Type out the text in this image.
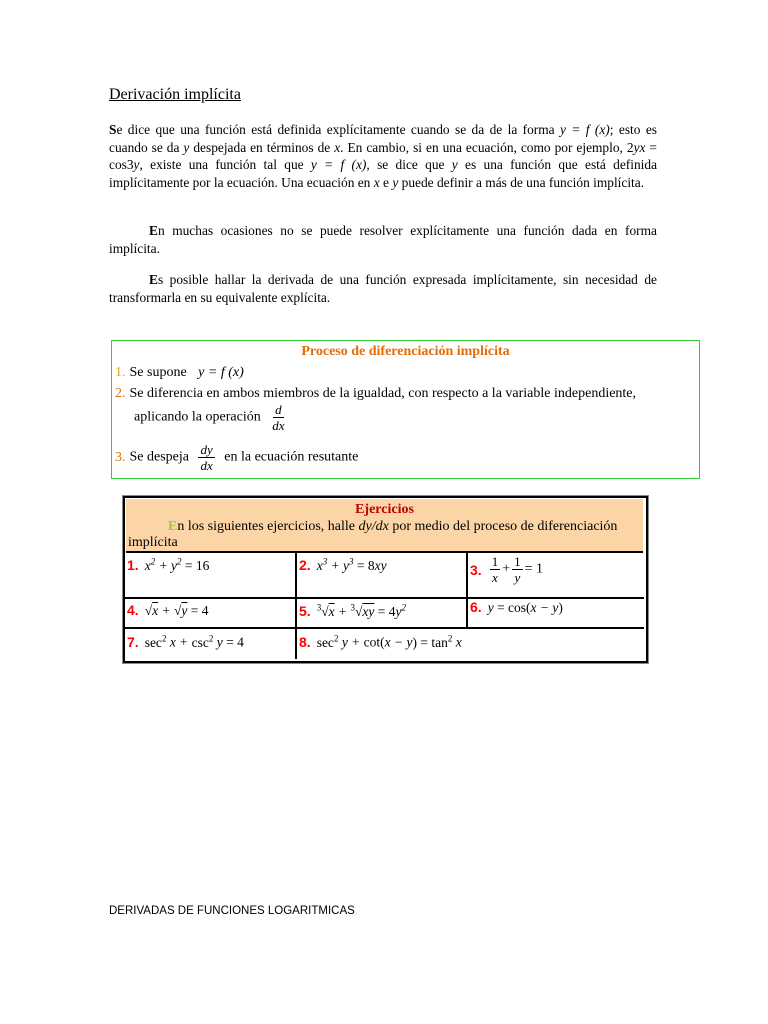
Derivación implícita
Se dice que una función está definida explícitamente cuando se da de la forma y = f (x); esto es cuando se da y despejada en términos de x. En cambio, si en una ecuación, como por ejemplo, 2yx = cos3y, existe una función tal que y = f (x), se dice que y es una función que está definida implícitamente por la ecuación. Una ecuación en x e y puede definir a más de una función implícita.
En muchas ocasiones no se puede resolver explícitamente una función dada en forma implícita.
Es posible hallar la derivada de una función expresada implícitamente, sin necesidad de transformarla en su equivalente explícita.
Proceso de diferenciación implícita
1. Se supone y = f (x)
2. Se diferencia en ambos miembros de la igualdad, con respecto a la variable independiente,
aplicando la operación $\frac{d}{dx}$
3. Se despeja $\frac{dy}{dx}$ en la ecuación resutante
Ejercicios
En los siguientes ejercicios, halle dy/dx por medio del proceso de diferenciación implícita
1. $x^2 + y^2 = 16$	2. $x^3 + y^3 = 8xy$	3. $\frac{1}{x} + \frac{1}{y} = 1$
4. √x + √y = 4	5. $^3√x + ^3√xy = 4y^2$	6. y = cos(x − y)
7. $\sec^2 x + \csc^2 y = 4$	8. $\sec^2 y + \cot(x - y) = \tan^2 x$
DERIVADAS DE FUNCIONES LOGARITMICAS
